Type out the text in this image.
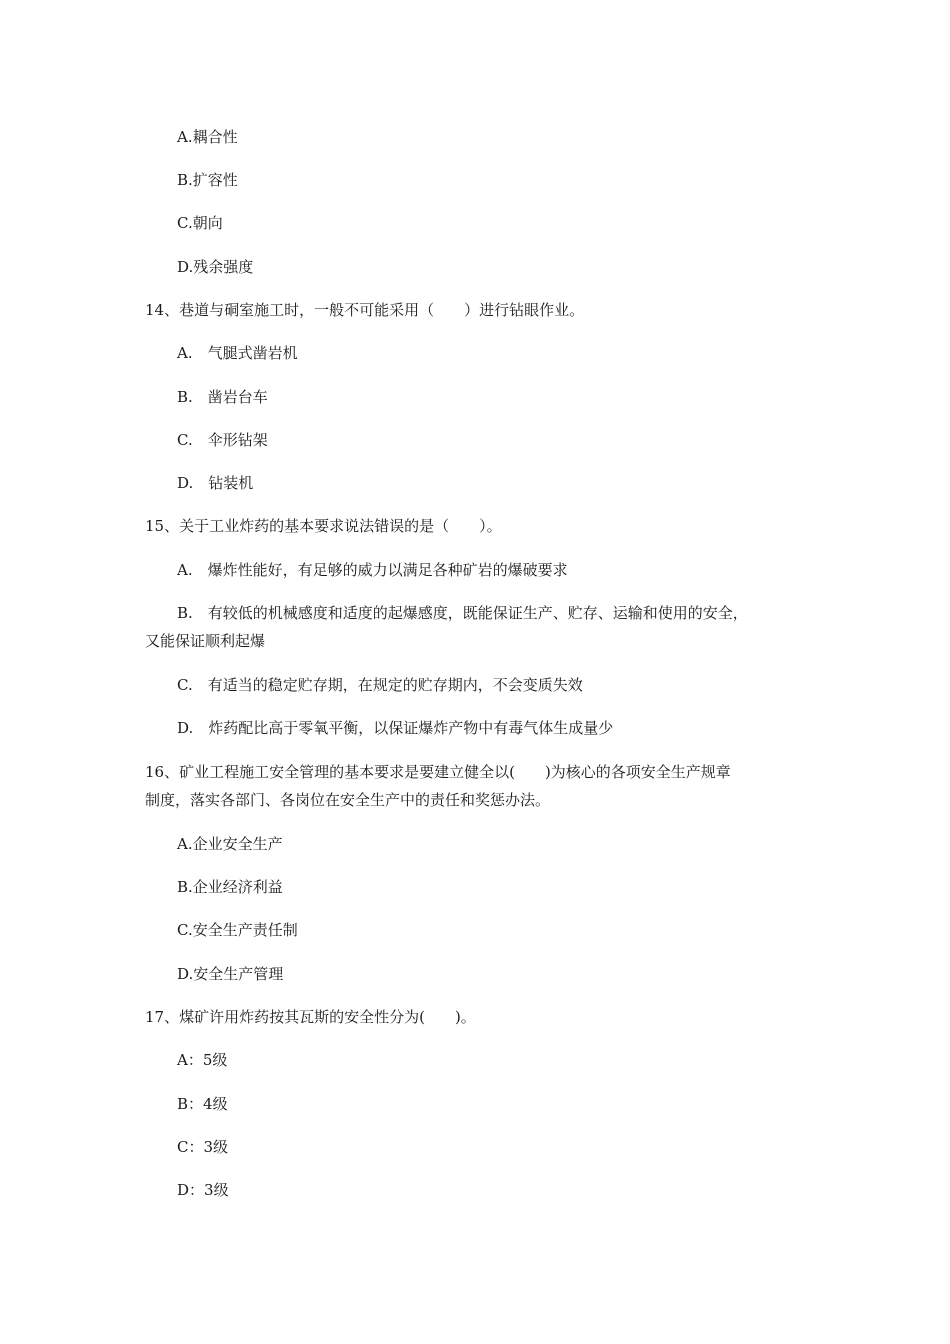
A.耦合性
B.扩容性
C.朝向
D.残余强度
14、巷道与硐室施工时，一般不可能采用（　　）进行钻眼作业。
A.　气腿式凿岩机
B.　凿岩台车
C.　伞形钻架
D.　钻装机
15、关于工业炸药的基本要求说法错误的是（　　）。
A.　爆炸性能好，有足够的威力以满足各种矿岩的爆破要求
B.　有较低的机械感度和适度的起爆感度，既能保证生产、贮存、运输和使用的安全，
又能保证顺利起爆
C.　有适当的稳定贮存期，在规定的贮存期内，不会变质失效
D.　炸药配比高于零氧平衡，以保证爆炸产物中有毒气体生成量少
16、矿业工程施工安全管理的基本要求是要建立健全以(　　)为核心的各项安全生产规章
制度，落实各部门、各岗位在安全生产中的责任和奖惩办法。
A.企业安全生产
B.企业经济利益
C.安全生产责任制
D.安全生产管理
17、煤矿许用炸药按其瓦斯的安全性分为(　　)。
A：5级
B：4级
C：3级
D：3级
